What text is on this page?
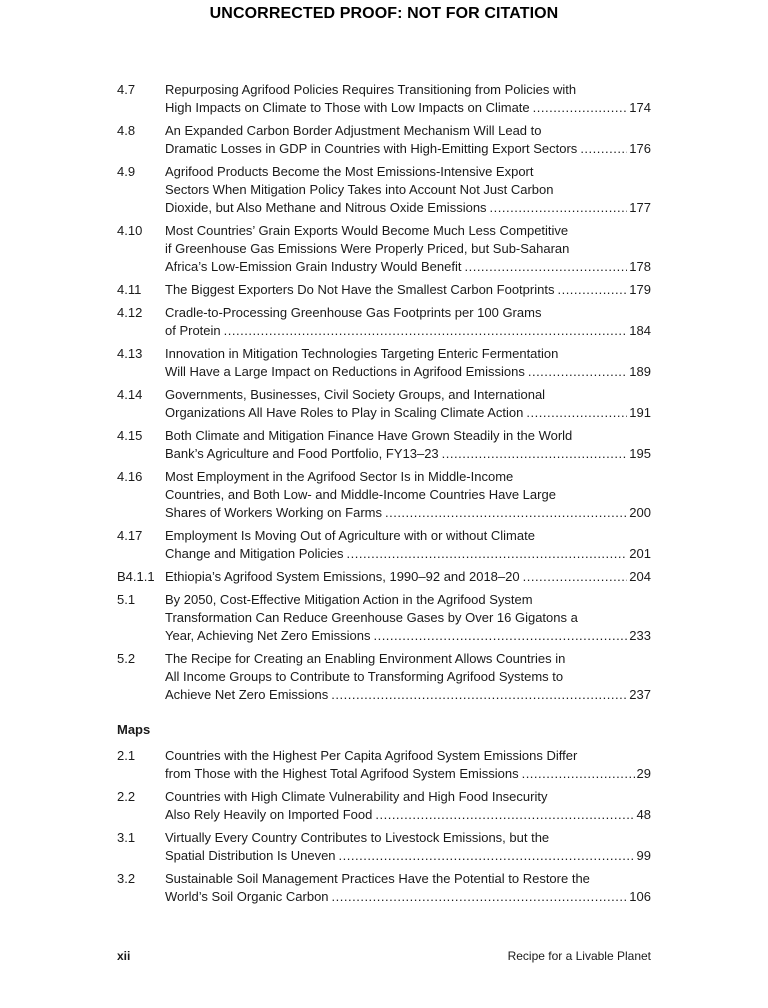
UNCORRECTED PROOF: NOT FOR CITATION
4.7	Repurposing Agrifood Policies Requires Transitioning from Policies with
High Impacts on Climate to Those with Low Impacts on Climate .....	174
4.8	An Expanded Carbon Border Adjustment Mechanism Will Lead to
Dramatic Losses in GDP in Countries with High-Emitting Export Sectors .....	176
4.9	Agrifood Products Become the Most Emissions-Intensive Export
Sectors When Mitigation Policy Takes into Account Not Just Carbon
Dioxide, but Also Methane and Nitrous Oxide Emissions .....	177
4.10	Most Countries’ Grain Exports Would Become Much Less Competitive
if Greenhouse Gas Emissions Were Properly Priced, but Sub-Saharan
Africa’s Low-Emission Grain Industry Would Benefit .....	178
4.11	The Biggest Exporters Do Not Have the Smallest Carbon Footprints .....	179
4.12	Cradle-to-Processing Greenhouse Gas Footprints per 100 Grams
of Protein .....	184
4.13	Innovation in Mitigation Technologies Targeting Enteric Fermentation
Will Have a Large Impact on Reductions in Agrifood Emissions .....	189
4.14	Governments, Businesses, Civil Society Groups, and International
Organizations All Have Roles to Play in Scaling Climate Action .....	191
4.15	Both Climate and Mitigation Finance Have Grown Steadily in the World
Bank’s Agriculture and Food Portfolio, FY13–23 .....	195
4.16	Most Employment in the Agrifood Sector Is in Middle-Income
Countries, and Both Low- and Middle-Income Countries Have Large
Shares of Workers Working on Farms .....	200
4.17	Employment Is Moving Out of Agriculture with or without Climate
Change and Mitigation Policies .....	201
B4.1.1 Ethiopia’s Agrifood System Emissions, 1990–92 and 2018–20 .....	204
5.1	By 2050, Cost-Effective Mitigation Action in the Agrifood System
Transformation Can Reduce Greenhouse Gases by Over 16 Gigatons a
Year, Achieving Net Zero Emissions .....	233
5.2	The Recipe for Creating an Enabling Environment Allows Countries in
All Income Groups to Contribute to Transforming Agrifood Systems to
Achieve Net Zero Emissions .....	237
Maps
2.1	Countries with the Highest Per Capita Agrifood System Emissions Differ
from Those with the Highest Total Agrifood System Emissions .....	29
2.2	Countries with High Climate Vulnerability and High Food Insecurity
Also Rely Heavily on Imported Food .....	48
3.1	Virtually Every Country Contributes to Livestock Emissions, but the
Spatial Distribution Is Uneven .....	99
3.2	Sustainable Soil Management Practices Have the Potential to Restore the
World’s Soil Organic Carbon .....	106
xii	Recipe for a Livable Planet
